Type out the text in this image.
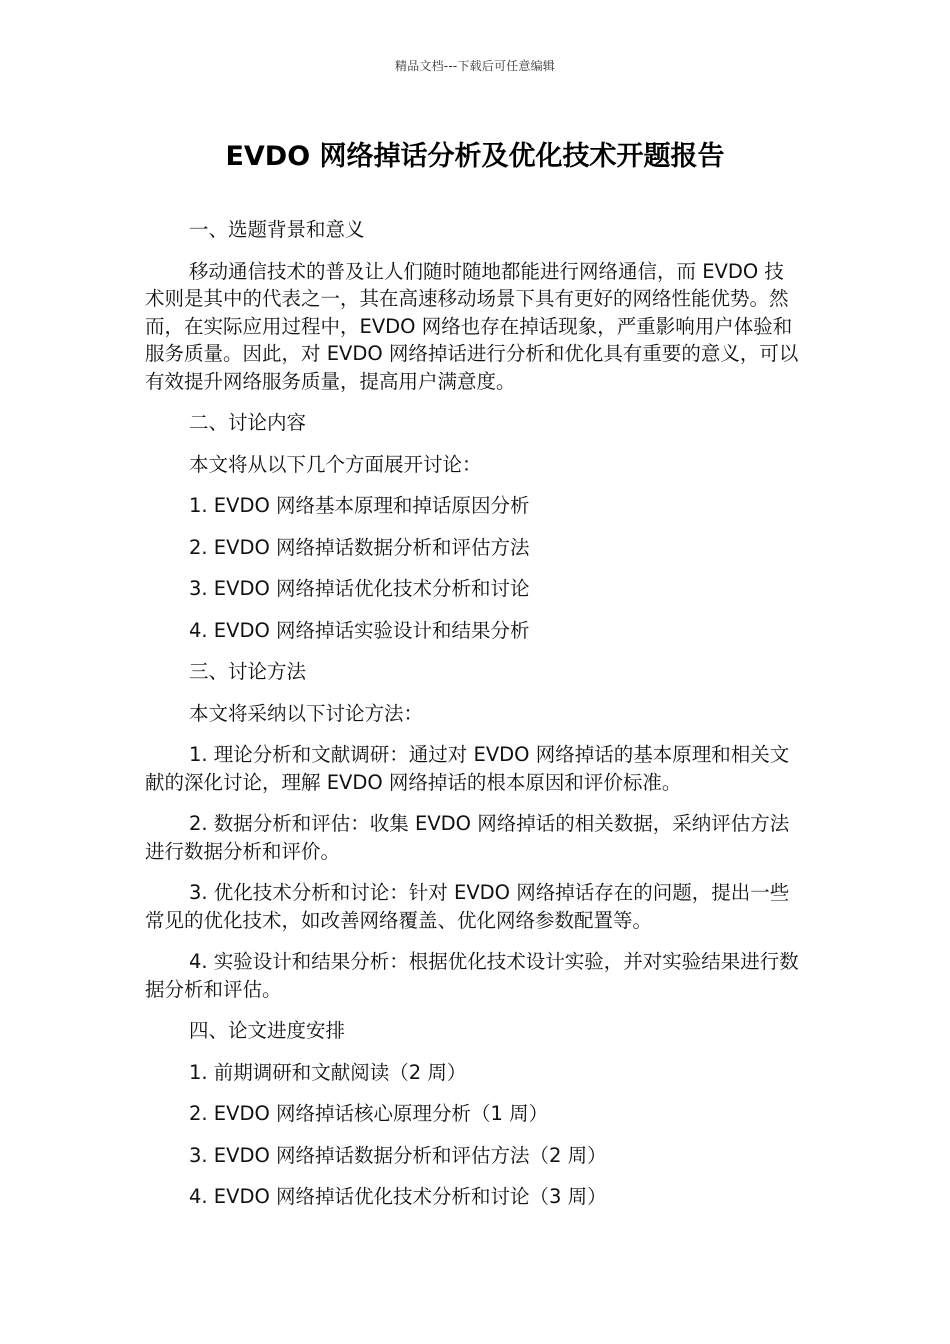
精品文档---下载后可任意编辑
EVDO 网络掉话分析及优化技术开题报告

一、选题背景和意义

移动通信技术的普及让人们随时随地都能进行网络通信，而 EVDO 技术则是其中的代表之一，其在高速移动场景下具有更好的网络性能优势。然而，在实际应用过程中，EVDO 网络也存在掉话现象，严重影响用户体验和服务质量。因此，对 EVDO 网络掉话进行分析和优化具有重要的意义，可以有效提升网络服务质量，提高用户满意度。

二、讨论内容

本文将从以下几个方面展开讨论：

1. EVDO 网络基本原理和掉话原因分析

2. EVDO 网络掉话数据分析和评估方法

3. EVDO 网络掉话优化技术分析和讨论

4. EVDO 网络掉话实验设计和结果分析

三、讨论方法

本文将采纳以下讨论方法：

1. 理论分析和文献调研：通过对 EVDO 网络掉话的基本原理和相关文献的深化讨论，理解 EVDO 网络掉话的根本原因和评价标准。

2. 数据分析和评估：收集 EVDO 网络掉话的相关数据，采纳评估方法进行数据分析和评价。

3. 优化技术分析和讨论：针对 EVDO 网络掉话存在的问题，提出一些常见的优化技术，如改善网络覆盖、优化网络参数配置等。

4. 实验设计和结果分析：根据优化技术设计实验，并对实验结果进行数据分析和评估。

四、论文进度安排

1. 前期调研和文献阅读（2 周）

2. EVDO 网络掉话核心原理分析（1 周）

3. EVDO 网络掉话数据分析和评估方法（2 周）

4. EVDO 网络掉话优化技术分析和讨论（3 周）
